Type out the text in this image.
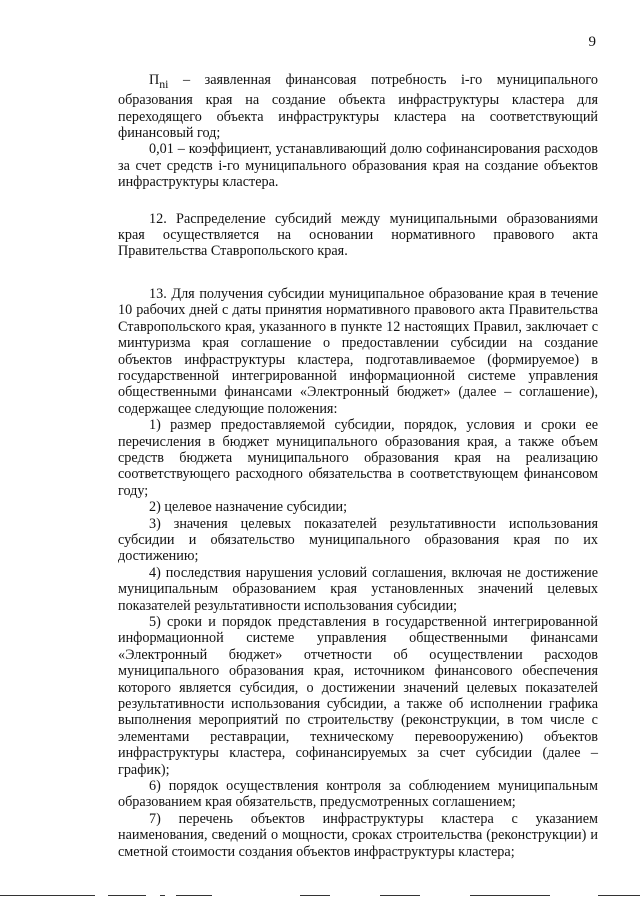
9

$П_{ni}$ – заявленная финансовая потребность i-го муниципального образования края на создание объекта инфраструктуры кластера для переходящего объекта инфраструктуры кластера на соответствующий финансовый год;

0,01 – коэффициент, устанавливающий долю софинансирования расходов за счет средств i-го муниципального образования края на создание объектов инфраструктуры кластера.

12. Распределение субсидий между муниципальными образованиями края осуществляется на основании нормативного правового акта Правительства Ставропольского края.

13. Для получения субсидии муниципальное образование края в течение 10 рабочих дней с даты принятия нормативного правового акта Правительства Ставропольского края, указанного в пункте 12 настоящих Правил, заключает с минтуризма края соглашение о предоставлении субсидии на создание объектов инфраструктуры кластера, подготавливаемое (формируемое) в государственной интегрированной информационной системе управления общественными финансами «Электронный бюджет» (далее – соглашение), содержащее следующие положения:

1) размер предоставляемой субсидии, порядок, условия и сроки ее перечисления в бюджет муниципального образования края, а также объем средств бюджета муниципального образования края на реализацию соответствующего расходного обязательства в соответствующем финансовом году;

2) целевое назначение субсидии;

3) значения целевых показателей результативности использования субсидии и обязательство муниципального образования края по их достижению;

4) последствия нарушения условий соглашения, включая не достижение муниципальным образованием края установленных значений целевых показателей результативности использования субсидии;

5) сроки и порядок представления в государственной интегрированной информационной системе управления общественными финансами «Электронный бюджет» отчетности об осуществлении расходов муниципального образования края, источником финансового обеспечения которого является субсидия, о достижении значений целевых показателей результативности использования субсидии, а также об исполнении графика выполнения мероприятий по строительству (реконструкции, в том числе с элементами реставрации, техническому перевооружению) объектов инфраструктуры кластера, софинансируемых за счет субсидии (далее – график);

6) порядок осуществления контроля за соблюдением муниципальным образованием края обязательств, предусмотренных соглашением;

7) перечень объектов инфраструктуры кластера с указанием наименования, сведений о мощности, сроках строительства (реконструкции) и сметной стоимости создания объектов инфраструктуры кластера;
